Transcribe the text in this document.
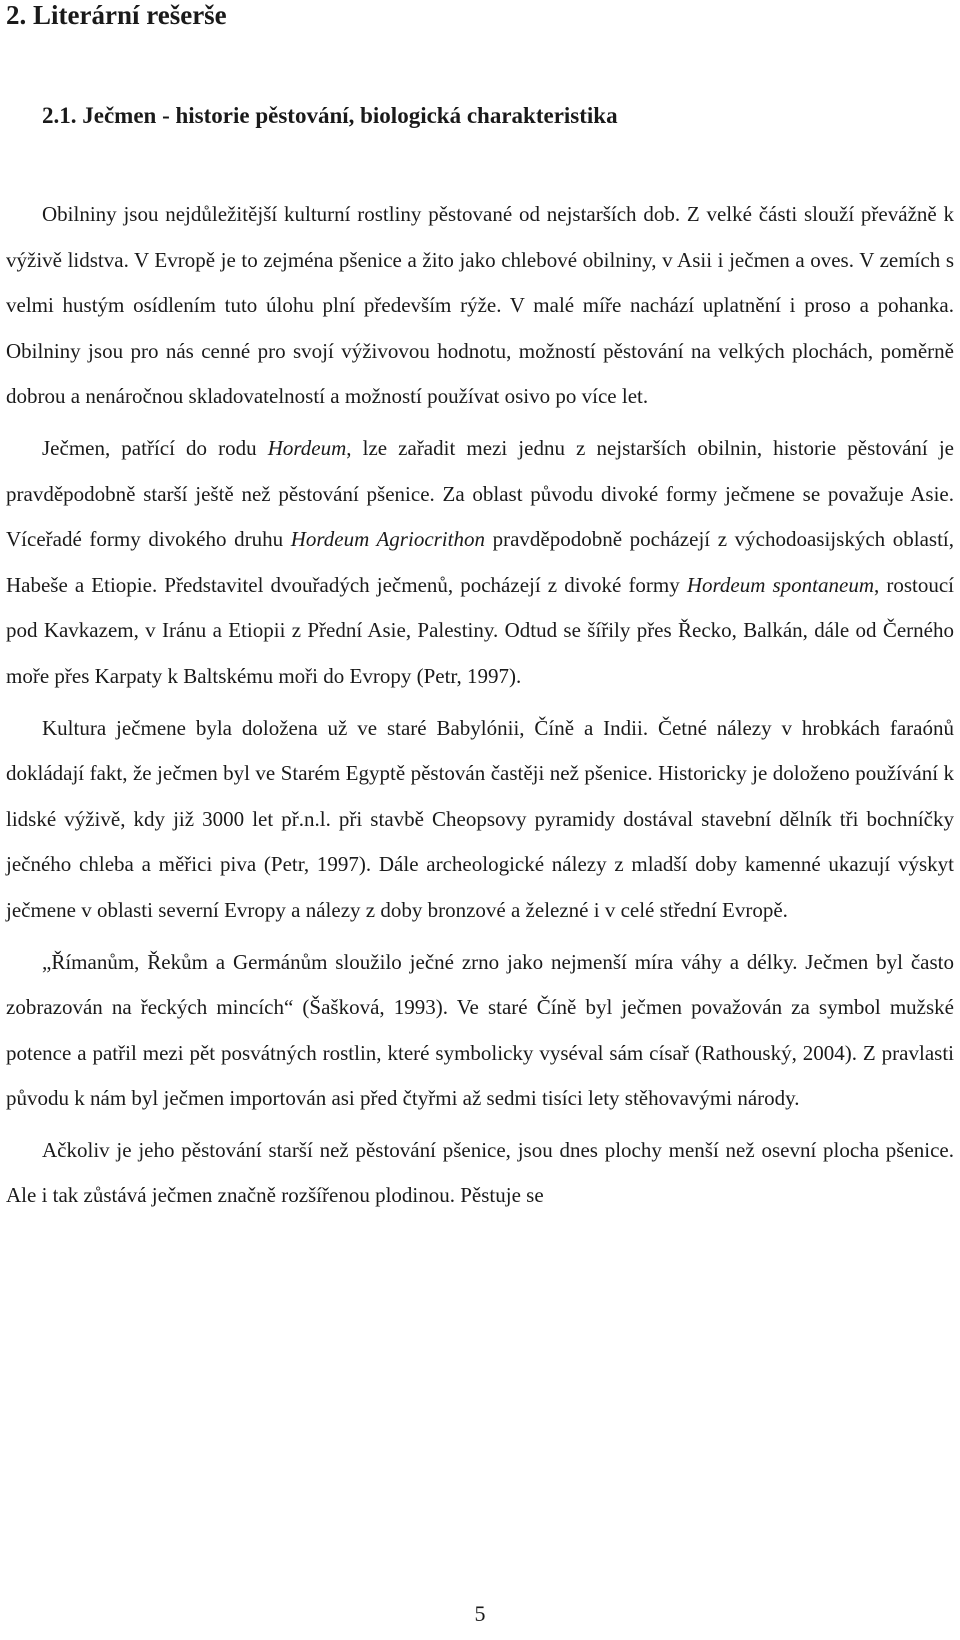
2. Literární rešerše
2.1. Ječmen - historie pěstování, biologická charakteristika

Obilniny jsou nejdůležitější kulturní rostliny pěstované od nejstarších dob. Z velké části slouží převážně k výživě lidstva. V Evropě je to zejména pšenice a žito jako chlebové obilniny, v Asii i ječmen a oves. V zemích s velmi hustým osídlením tuto úlohu plní především rýže. V malé míře nachází uplatnění i proso a pohanka. Obilniny jsou pro nás cenné pro svojí výživovou hodnotu, možností pěstování na velkých plochách, poměrně dobrou a nenáročnou skladovatelností a možností používat osivo po více let.

Ječmen, patřící do rodu Hordeum, lze zařadit mezi jednu z nejstarších obilnin, historie pěstování je pravděpodobně starší ještě než pěstování pšenice. Za oblast původu divoké formy ječmene se považuje Asie. Víceřadé formy divokého druhu Hordeum Agriocrithon pravděpodobně pocházejí z východoasijských oblastí, Habeše a Etiopie. Představitel dvouřadých ječmenů, pocházejí z divoké formy Hordeum spontaneum, rostoucí pod Kavkazem, v Iránu a Etiopii z Přední Asie, Palestiny. Odtud se šířily přes Řecko, Balkán, dále od Černého moře přes Karpaty k Baltskému moři do Evropy (Petr, 1997).

Kultura ječmene byla doložena už ve staré Babylónii, Číně a Indii. Četné nálezy v hrobkách faraónů dokládají fakt, že ječmen byl ve Starém Egyptě pěstován častěji než pšenice. Historicky je doloženo používání k lidské výživě, kdy již 3000 let př.n.l. při stavbě Cheopsovy pyramidy dostával stavební dělník tři bochníčky ječného chleba a měřici piva (Petr, 1997). Dále archeologické nálezy z mladší doby kamenné ukazují výskyt ječmene v oblasti severní Evropy a nálezy z doby bronzové a železné i v celé střední Evropě.

„Římanům, Řekům a Germánům sloužilo ječné zrno jako nejmenší míra váhy a délky. Ječmen byl často zobrazován na řeckých mincích“ (Šašková, 1993). Ve staré Číně byl ječmen považován za symbol mužské potence a patřil mezi pět posvátných rostlin, které symbolicky vyséval sám císař (Rathouský, 2004). Z pravlasti původu k nám byl ječmen importován asi před čtyřmi až sedmi tisíci lety stěhovavými národy.

Ačkoliv je jeho pěstování starší než pěstování pšenice, jsou dnes plochy menší než osevní plocha pšenice. Ale i tak zůstává ječmen značně rozšířenou plodinou. Pěstuje se

5
